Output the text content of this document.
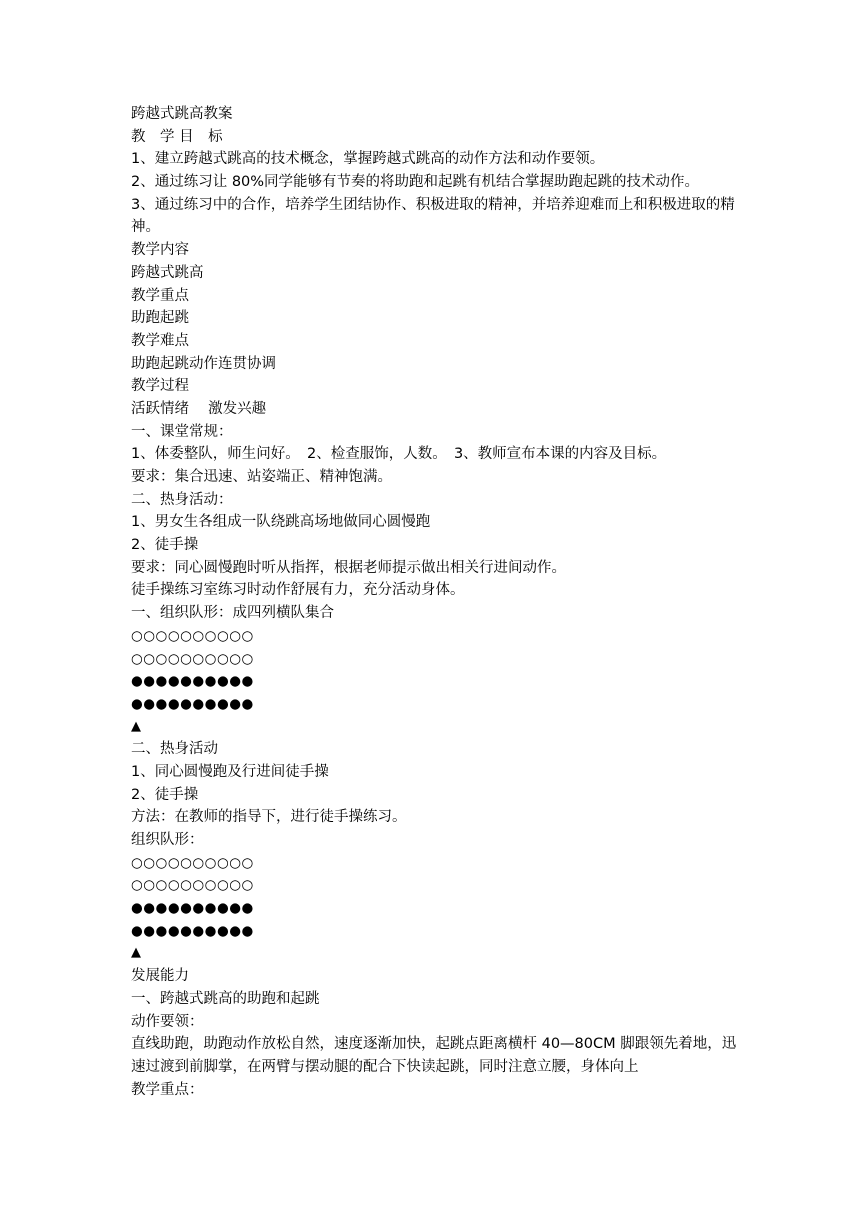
跨越式跳高教案

教　学 目　标

1、建立跨越式跳高的技术概念，掌握跨越式跳高的动作方法和动作要领。

2、通过练习让 80%同学能够有节奏的将助跑和起跳有机结合掌握助跑起跳的技术动作。

3、通过练习中的合作，培养学生团结协作、积极进取的精神，并培养迎难而上和积极进取的精神。

教学内容

跨越式跳高

教学重点

助跑起跳

教学难点

助跑起跳动作连贯协调

教学过程

活跃情绪　 激发兴趣

一、课堂常规：

1、体委整队，师生问好。　2、检查服饰，人数。　3、教师宣布本课的内容及目标。

要求：集合迅速、站姿端正、精神饱满。

二、热身活动：

1、男女生各组成一队绕跳高场地做同心圆慢跑

2、徒手操

要求：同心圆慢跑时听从指挥，根据老师提示做出相关行进间动作。

徒手操练习室练习时动作舒展有力，充分活动身体。

一、组织队形：成四列横队集合

○○○○○○○○○○

○○○○○○○○○○

●●●●●●●●●●

●●●●●●●●●●

▲

二、热身活动

1、同心圆慢跑及行进间徒手操

2、徒手操

方法：在教师的指导下，进行徒手操练习。

组织队形：

○○○○○○○○○○

○○○○○○○○○○

●●●●●●●●●●

●●●●●●●●●●

▲

发展能力

一、跨越式跳高的助跑和起跳

动作要领：

直线助跑，助跑动作放松自然，速度逐渐加快，起跳点距离横杆 40—80CM 脚跟领先着地，迅速过渡到前脚掌，在两臂与摆动腿的配合下快读起跳，同时注意立腰，身体向上

教学重点：
